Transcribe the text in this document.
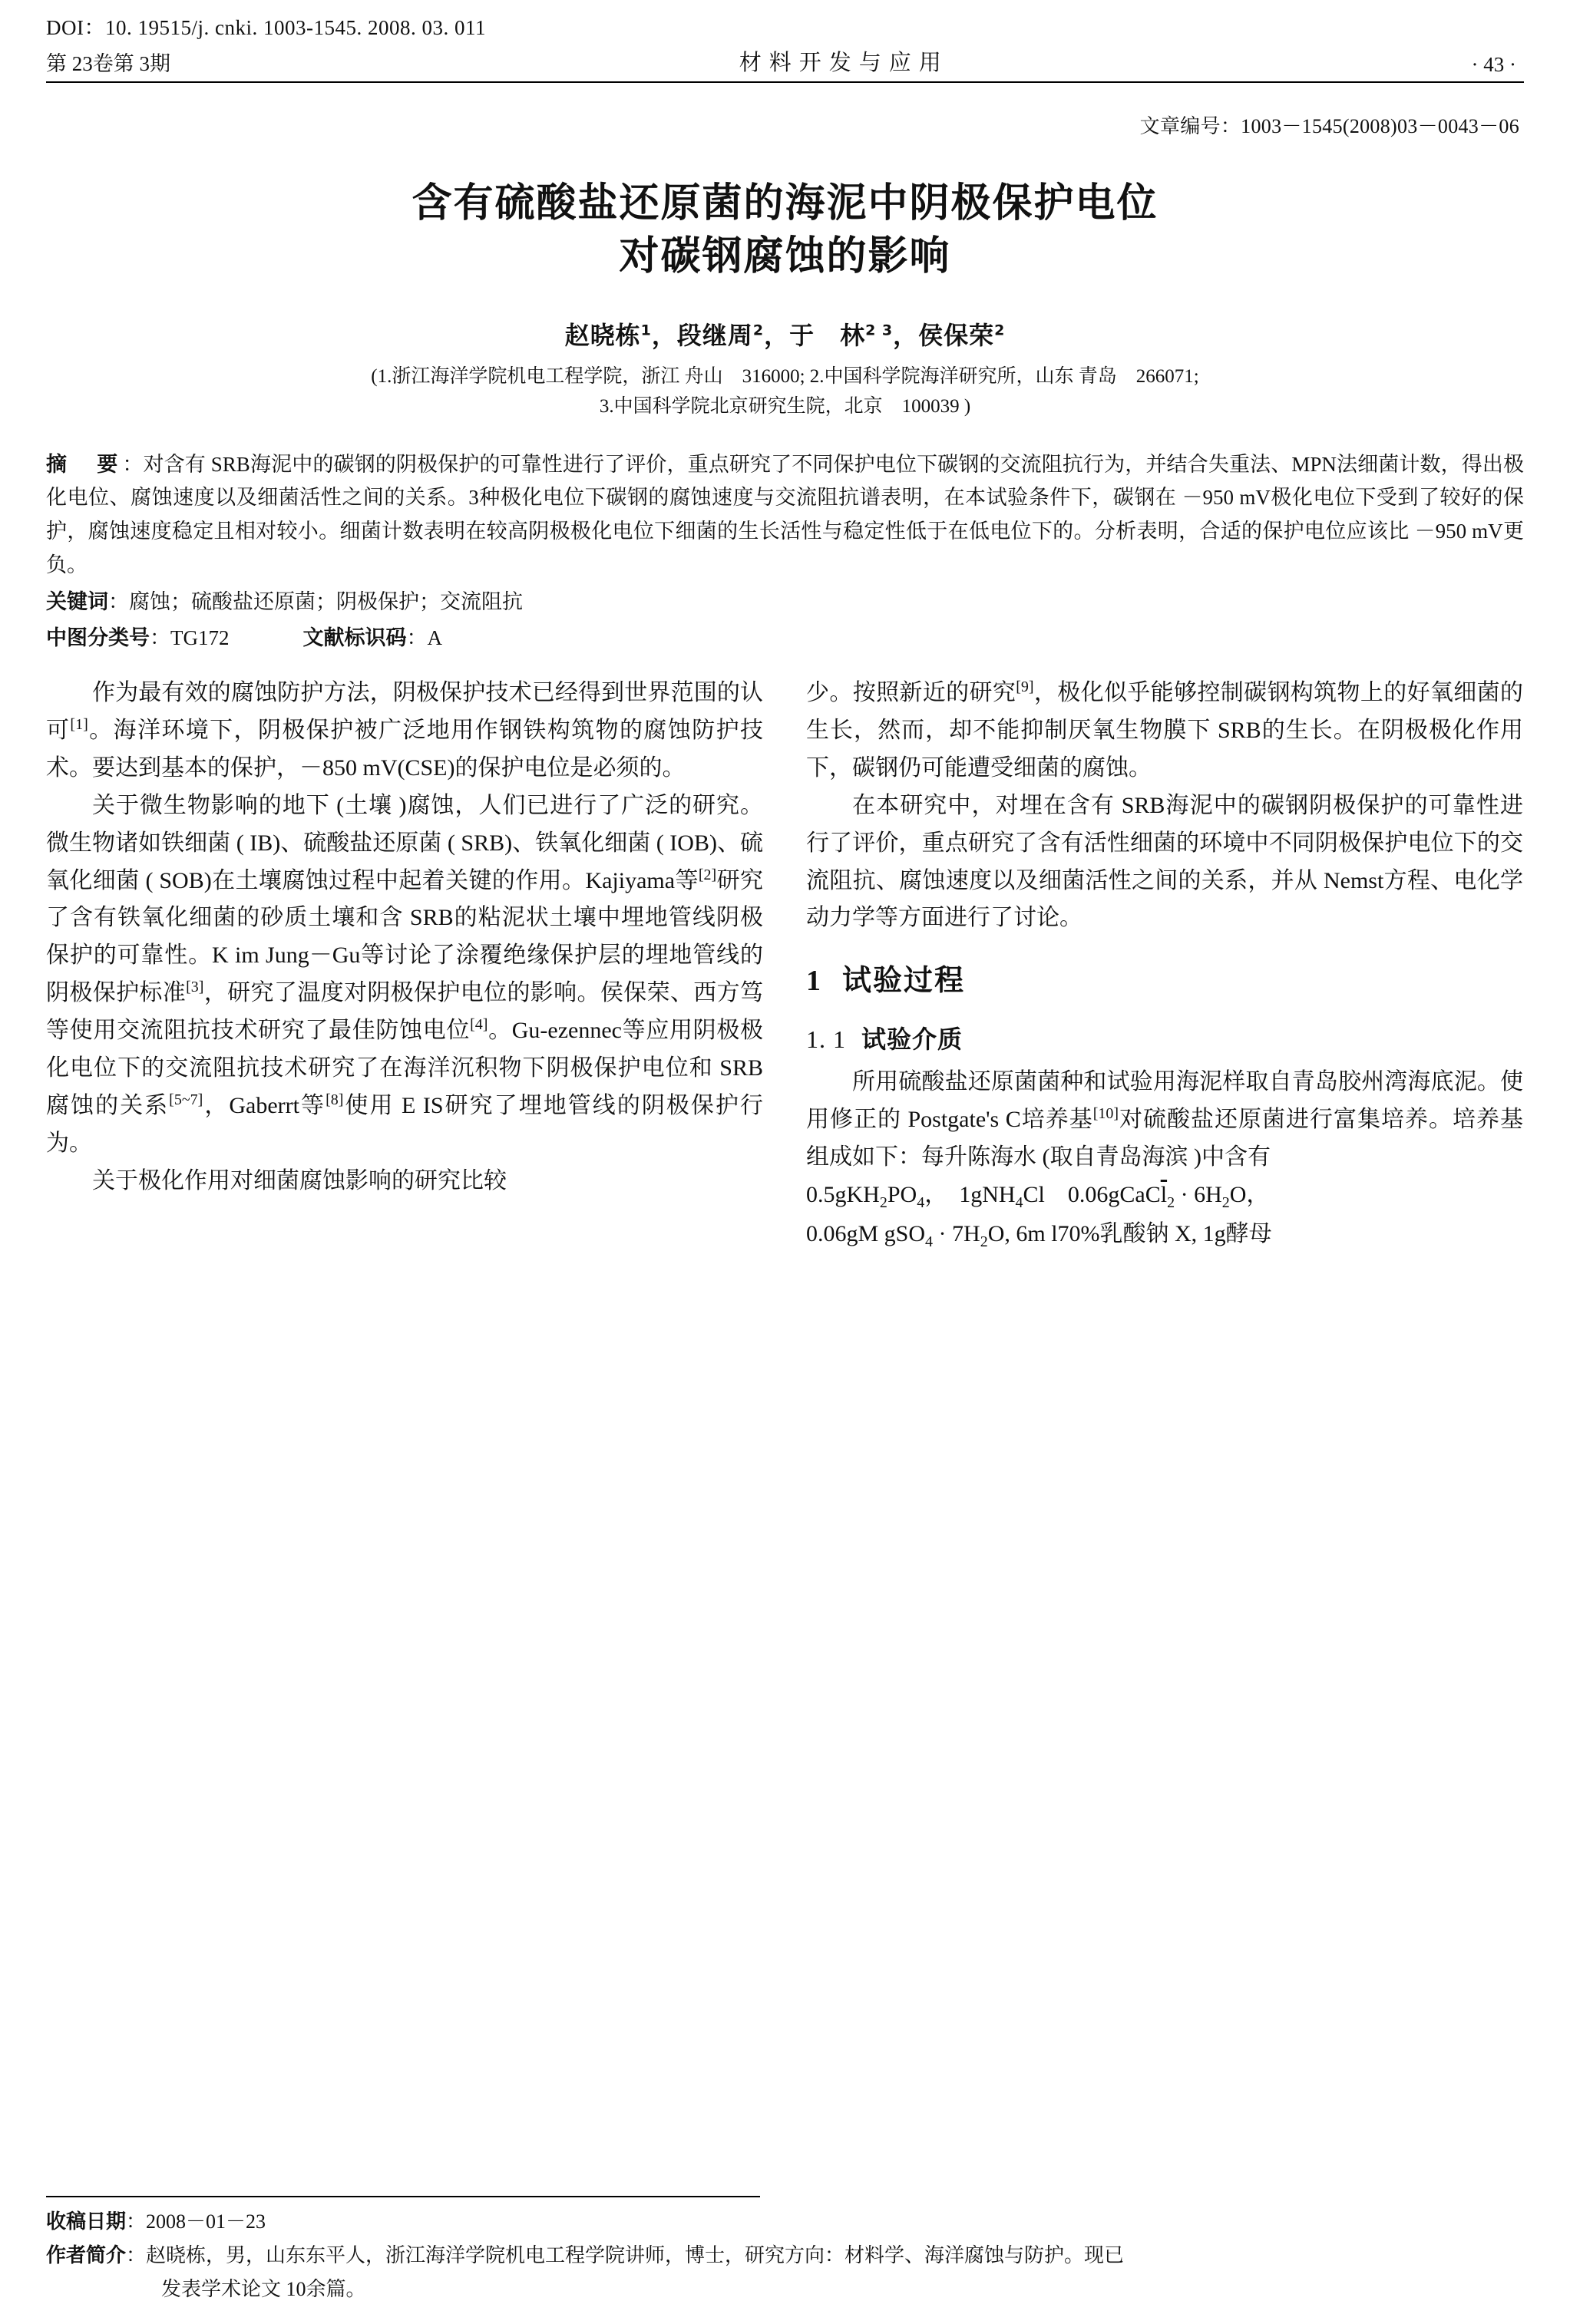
DOI：10. 19515/j. cnki. 1003-1545. 2008. 03. 011
第 23卷第 3期	材料开发与应用	· 43 ·
文章编号：1003－1545(2008)03－0043－06
含有硫酸盐还原菌的海泥中阴极保护电位
对碳钢腐蚀的影响
赵晓栋$^1$，段继周$^2$，于　林$^{2 3}$，侯保荣$^2$
(1.浙江海洋学院机电工程学院，浙江 舟山　316000; 2.中国科学院海洋研究所，山东 青岛　266071;
3.中国科学院北京研究生院，北京　100039 )

摘　要：对含有 SRB海泥中的碳钢的阴极保护的可靠性进行了评价，重点研究了不同保护电位下碳钢的交流阻抗行为，并结合失重法、MPN法细菌计数，得出极化电位、腐蚀速度以及细菌活性之间的关系。3种极化电位下碳钢的腐蚀速度与交流阻抗谱表明，在本试验条件下，碳钢在 －950 mV极化电位下受到了较好的保护，腐蚀速度稳定且相对较小。细菌计数表明在较高阴极极化电位下细菌的生长活性与稳定性低于在低电位下的。分析表明，合适的保护电位应该比 －950 mV更负。

关键词：腐蚀；硫酸盐还原菌；阴极保护；交流阻抗
中图分类号：TG172	文献标识码：A

作为最有效的腐蚀防护方法，阴极保护技术已经得到世界范围的认可[1]。海洋环境下，阴极保护被广泛地用作钢铁构筑物的腐蚀防护技术。要达到基本的保护，－850 mV(CSE)的保护电位是必须的。

关于微生物影响的地下 (土壤 )腐蚀，人们已进行了广泛的研究。微生物诸如铁细菌 ( IB)、硫酸盐还原菌 ( SRB)、铁氧化细菌 ( IOB)、硫氧化细菌 ( SOB)在土壤腐蚀过程中起着关键的作用。Kajiyama等[2]研究了含有铁氧化细菌的砂质土壤和含 SRB的粘泥状土壤中埋地管线阴极保护的可靠性。K im Jung－Gu等讨论了涂覆绝缘保护层的埋地管线的阴极保护标准[3]，研究了温度对阴极保护电位的影响。侯保荣、西方笃等使用交流阻抗技术研究了最佳防蚀电位[4]。Gu-ezennec等应用阴极极化电位下的交流阻抗技术研究了在海洋沉积物下阴极保护电位和 SRB腐蚀的关系[5~7]，Gaberrt等[8]使用 E IS研究了埋地管线的阴极保护行为。

关于极化作用对细菌腐蚀影响的研究比较

少。按照新近的研究[9]，极化似乎能够控制碳钢构筑物上的好氧细菌的生长，然而，却不能抑制厌氧生物膜下 SRB的生长。在阴极极化作用下，碳钢仍可能遭受细菌的腐蚀。

在本研究中，对埋在含有 SRB海泥中的碳钢阴极保护的可靠性进行了评价，重点研究了含有活性细菌的环境中不同阴极保护电位下的交流阻抗、腐蚀速度以及细菌活性之间的关系，并从 Nemst方程、电化学动力学等方面进行了讨论。

1 试验过程
1. 1 试验介质

所用硫酸盐还原菌菌种和试验用海泥样取自青岛胶州湾海底泥。使用修正的 Postgate's C培养基[10]对硫酸盐还原菌进行富集培养。培养基组成如下：每升陈海水 (取自青岛海滨 )中含有

$0.5gKH_2PO_4$，　1gNH$_4$Cl　$0.06gCaC\overline{l}_2 \cdot 6H_2O$，

0.06gM $gSO_4 \cdot 7H_2O$, 6m l70%乳酸钠 X, 1g酵母

收稿日期：2008－01－23

作者简介：赵晓栋，男，山东东平人，浙江海洋学院机电工程学院讲师，博士，研究方向：材料学、海洋腐蚀与防护。现已

发表学术论文 10余篇。
